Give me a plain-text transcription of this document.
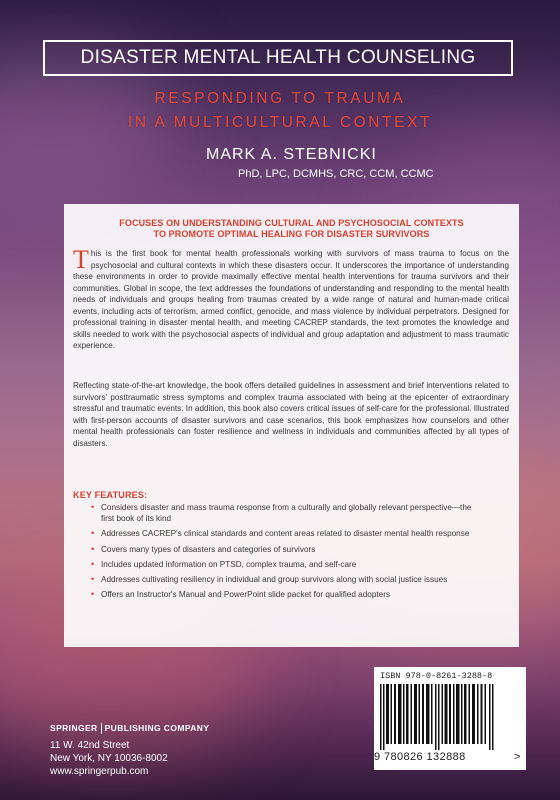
DISASTER MENTAL HEALTH COUNSELING
RESPONDING TO TRAUMA
IN A MULTICULTURAL CONTEXT
MARK A. STEBNICKI
PhD, LPC, DCMHS, CRC, CCM, CCMC
FOCUSES ON UNDERSTANDING CULTURAL AND PSYCHOSOCIAL CONTEXTS
TO PROMOTE OPTIMAL HEALING FOR DISASTER SURVIVORS

This is the first book for mental health professionals working with survivors of mass trauma to focus on the psychosocial and cultural contexts in which these disasters occur. It underscores the importance of understanding these environments in order to provide maximally effective mental health interventions for trauma survivors and their communities. Global in scope, the text addresses the foundations of understanding and responding to the mental health needs of individuals and groups healing from traumas created by a wide range of natural and human-made critical events, including acts of terrorism, armed conflict, genocide, and mass violence by individual perpetrators. Designed for professional training in disaster mental health, and meeting CACREP standards, the text promotes the knowledge and skills needed to work with the psychosocial aspects of individual and group adaptation and adjustment to mass traumatic experience.

Reflecting state-of-the-art knowledge, the book offers detailed guidelines in assessment and brief interventions related to survivors' posttraumatic stress symptoms and complex trauma associated with being at the epicenter of extraordinary stressful and traumatic events. In addition, this book also covers critical issues of self-care for the professional. Illustrated with first-person accounts of disaster survivors and case scenarios, this book emphasizes how counselors and other mental health professionals can foster resilience and wellness in individuals and communities affected by all types of disasters.

KEY FEATURES:
• Considers disaster and mass trauma response from a culturally and globally relevant perspective—the first book of its kind
• Addresses CACREP's clinical standards and content areas related to disaster mental health response
• Covers many types of disasters and categories of survivors
• Includes updated information on PTSD, complex trauma, and self-care
• Addresses cultivating resiliency in individual and group survivors along with social justice issues
• Offers an Instructor's Manual and PowerPoint slide packet for qualified adopters
ISBN 978-0-8261-3288-8
9 780826 132888	>
SPRINGER PUBLISHING COMPANY
11 W. 42nd Street
New York, NY 10036-8002
www.springerpub.com
